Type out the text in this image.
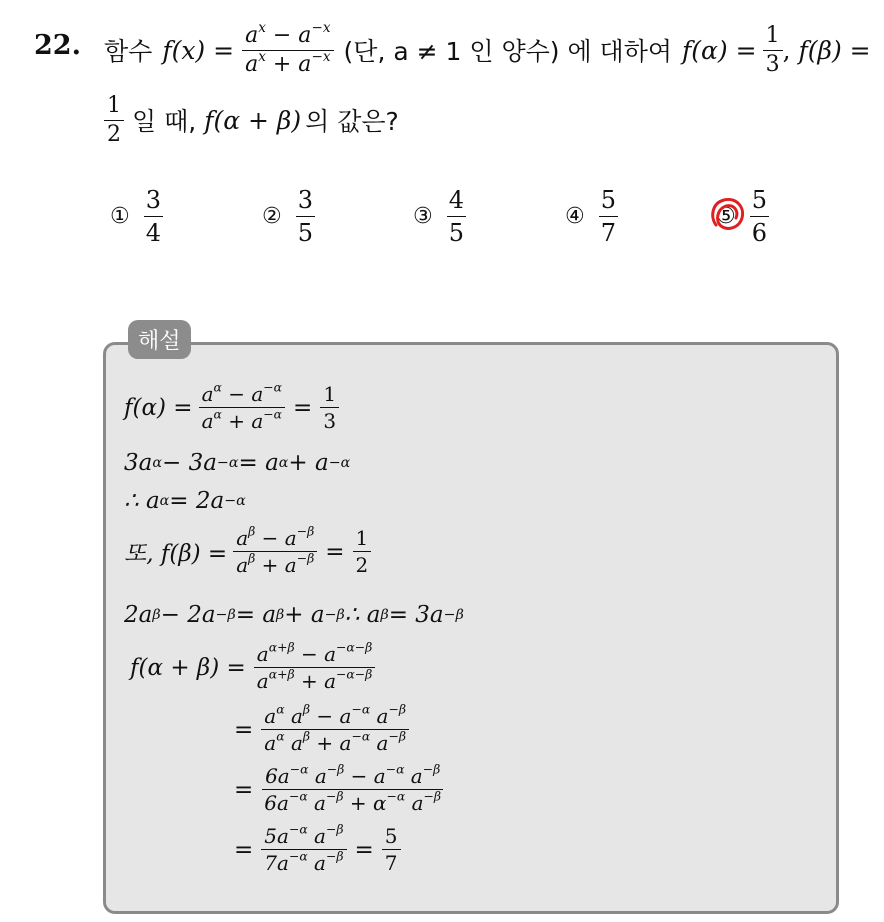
22. 함수 $f(x) = \frac{a^x - a^{-x}}{a^x + a^{-x}}$ (단, a ≠ 1 인 양수) 에 대하여 $f(\alpha) = \frac{1}{3}$ , f(β) =
$\frac{1}{2}$ 일 때, f(α + β) 의 값은?
① $\frac{3}{4}$	② $\frac{3}{5}$	③ $\frac{4}{5}$	④ $\frac{5}{7}$	⑤ $\frac{5}{6}$
해설
$f(\alpha) = \frac{a^\alpha - a^{-\alpha}}{a^\alpha + a^{-\alpha}} = \frac{1}{3}$
3a α − 3a −α = a α + a −α
∴ a α = 2a −α
또, $f(\beta) = \frac{a^\beta - a^{-\beta}}{a^\beta + a^{-\beta}} = \frac{1}{2}$
2a β − 2a −β = a β + a −β ∴ a β = 3a −β
$f(\alpha + \beta) = \frac{a^{\alpha+\beta} - a^{-\alpha-\beta}}{a^{\alpha+\beta} + a^{-\alpha-\beta}}$
= $\frac{a^\alpha a^\beta - a^{-\alpha} a^{-\beta}}{a^\alpha a^\beta + a^{-\alpha} a^{-\beta}}$
= $\frac{6a^{-\alpha} a^{-\beta} - a^{-\alpha} a^{-\beta}}{6a^{-\alpha} a^{-\beta} + \alpha^{-\alpha} a^{-\beta}}$
= $\frac{5a^{-\alpha} a^{-\beta}}{7a^{-\alpha} a^{-\beta}} = \frac{5}{7}$
